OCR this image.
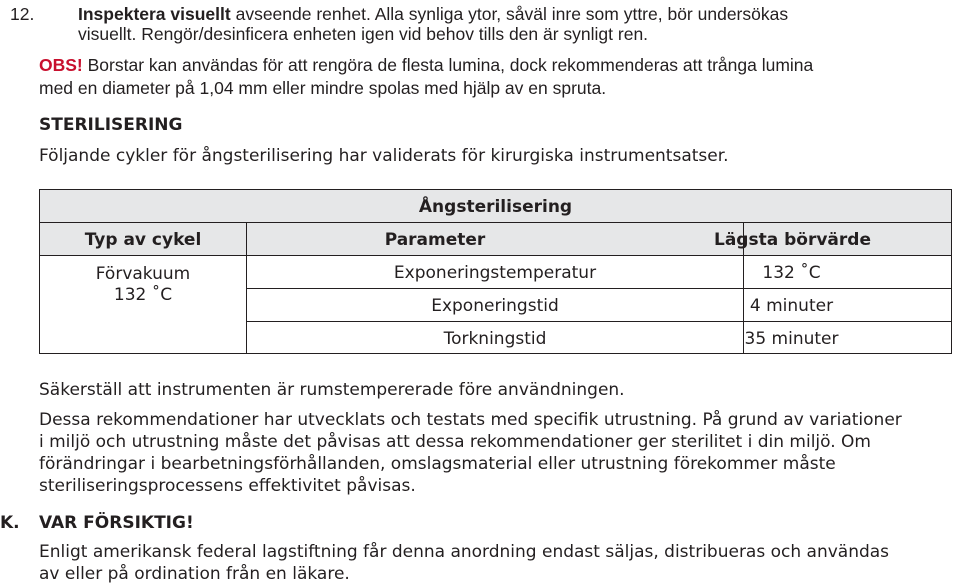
12. Inspektera visuellt avseende renhet. Alla synliga ytor, såväl inre som yttre, bör undersökas
visuellt. Rengör/desinficera enheten igen vid behov tills den är synligt ren.
OBS! Borstar kan användas för att rengöra de flesta lumina, dock rekommenderas att trånga lumina
med en diameter på 1,04 mm eller mindre spolas med hjälp av en spruta.
STERILISERING
Följande cykler för ångsterilisering har validerats för kirurgiska instrumentsatser.
Ångsterilisering
Typ av cykel	Parameter	Lägsta börvärde
Förvakuum
132 ˚C
Exponeringstemperatur	132 ˚C
Exponeringstid	4 minuter
Torkningstid	35 minuter
Säkerställ att instrumenten är rumstempererade före användningen.
Dessa rekommendationer har utvecklats och testats med specifik utrustning. På grund av variationer
i miljö och utrustning måste det påvisas att dessa rekommendationer ger sterilitet i din miljö. Om
förändringar i bearbetningsförhållanden, omslagsmaterial eller utrustning förekommer måste
steriliseringsprocessens effektivitet påvisas.
K. VAR FÖRSIKTIG!
Enligt amerikansk federal lagstiftning får denna anordning endast säljas, distribueras och användas
av eller på ordination från en läkare.
